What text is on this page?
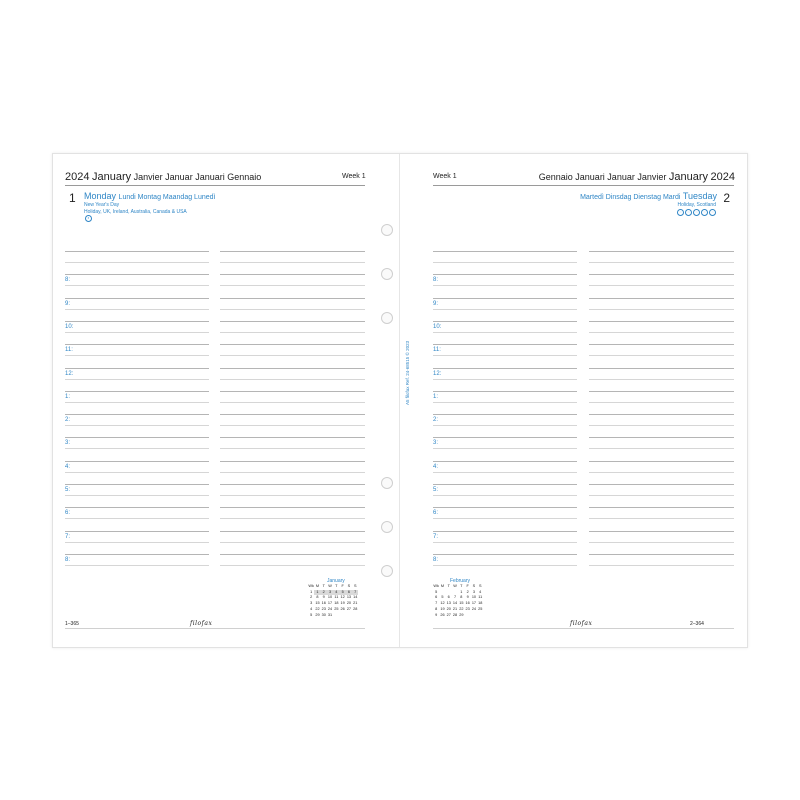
2024 January Janvier Januar Januari Gennaio	Week 1
1 Monday Lundi Montag Maandag Lunedì
New Year's Day
Holiday, UK, Ireland, Australia, Canada & USA
◐
8:
9:
10:
11:
12:
1:
2:
3:
4:
5:
6:
7:
8:
January
Wk	M	T	W	T	F	S	S
1	1	2	3	4	5	6	7
2	8	9	10	11	12	13	14
3	15	16	17	18	19	20	21
4	22	23	24	25	26	27	28
5	29	30	31				
1–365	filofax
Week 1	Gennaio Januari Januar Janvier January 2024
Martedì Dinsdag Dienstag Mardi Tuesday 2
Holiday, Scotland
◌ ◌ ◌ ◌ ◌
8:
9:
10:
11:
12:
1:
2:
3:
4:
5:
6:
7:
8:
February
Wk	M	T	W	T	F	S	S
5				1	2	3	4
6	5	6	7	8	9	10	11
7	12	13	14	15	16	17	18
8	19	20	21	22	23	24	25
9	26	27	28	29			
2–364
filofax
A5 filofax Ref. 24-68515 © 2023
